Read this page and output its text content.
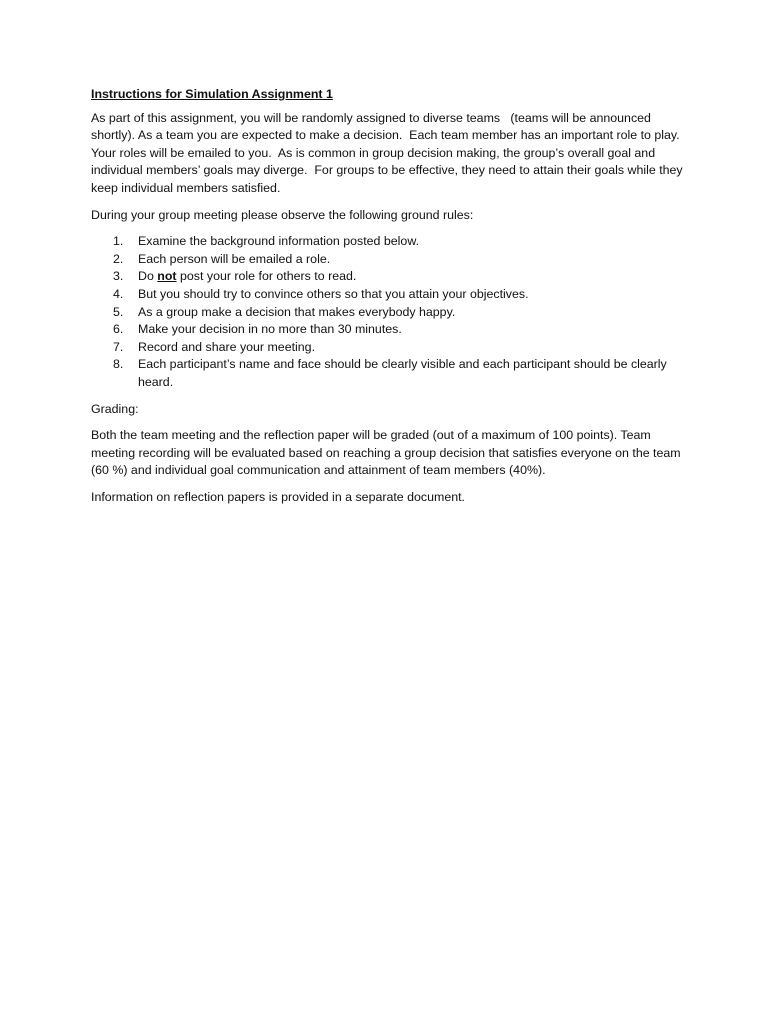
Instructions for Simulation Assignment 1

As part of this assignment, you will be randomly assigned to diverse teams   (teams will be announced shortly). As a team you are expected to make a decision.  Each team member has an important role to play.  Your roles will be emailed to you.  As is common in group decision making, the group’s overall goal and individual members’ goals may diverge.  For groups to be effective, they need to attain their goals while they keep individual members satisfied.

During your group meeting please observe the following ground rules:

1. Examine the background information posted below.
2. Each person will be emailed a role.
3. Do not post your role for others to read.
4. But you should try to convince others so that you attain your objectives.
5. As a group make a decision that makes everybody happy.
6. Make your decision in no more than 30 minutes.
7. Record and share your meeting.
8. Each participant’s name and face should be clearly visible and each participant should be clearly heard.

Grading:

Both the team meeting and the reflection paper will be graded (out of a maximum of 100 points). Team meeting recording will be evaluated based on reaching a group decision that satisfies everyone on the team (60 %) and individual goal communication and attainment of team members (40%).

Information on reflection papers is provided in a separate document.
